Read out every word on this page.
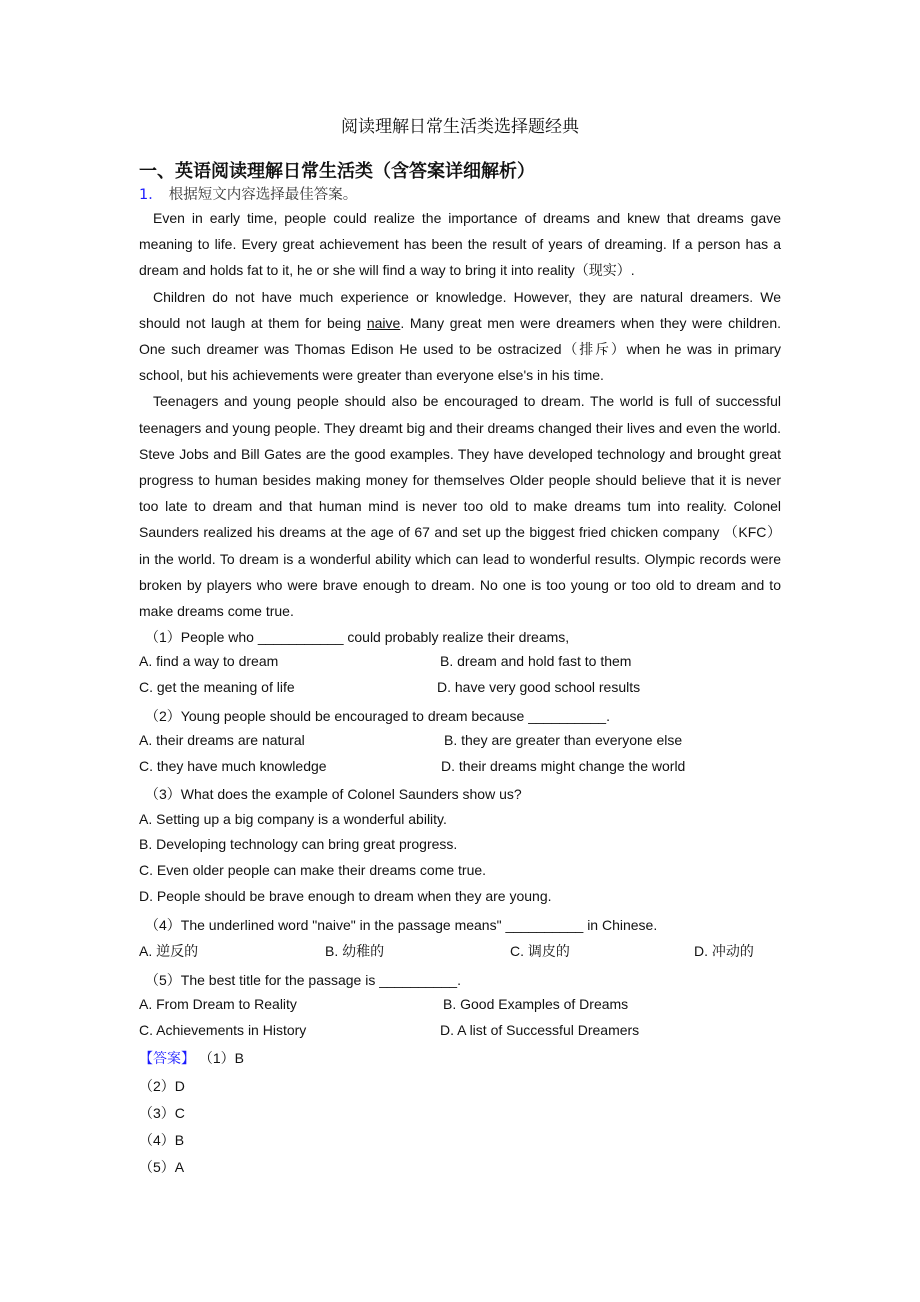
阅读理解日常生活类选择题经典
一、英语阅读理解日常生活类（含答案详细解析）
1． 根据短文内容选择最佳答案。

Even in early time, people could realize the importance of dreams and knew that dreams gave meaning to life. Every great achievement has been the result of years of dreaming. If a person has a dream and holds fat to it, he or she will find a way to bring it into reality（现实）.

Children do not have much experience or knowledge. However, they are natural dreamers. We should not laugh at them for being naive. Many great men were dreamers when they were children. One such dreamer was Thomas Edison He used to be ostracized（排斥）when he was in primary school, but his achievements were greater than everyone else's in his time.

Teenagers and young people should also be encouraged to dream. The world is full of successful teenagers and young people. They dreamt big and their dreams changed their lives and even the world. Steve Jobs and Bill Gates are the good examples. They have developed technology and brought great progress to human besides making money for themselves Older people should believe that it is never too late to dream and that human mind is never too old to make dreams tum into reality. Colonel Saunders realized his dreams at the age of 67 and set up the biggest fried chicken company （KFC） in the world. To dream is a wonderful ability which can lead to wonderful results. Olympic records were broken by players who were brave enough to dream. No one is too young or too old to dream and to make dreams come true.

（1）People who ___________ could probably realize their dreams,
A. find a way to dream	B. dream and hold fast to them
C. get the meaning of life	D. have very good school results
（2）Young people should be encouraged to dream because __________.
A. their dreams are natural	B. they are greater than everyone else
C. they have much knowledge	D. their dreams might change the world
（3）What does the example of Colonel Saunders show us?
A. Setting up a big company is a wonderful ability.
B. Developing technology can bring great progress.
C. Even older people can make their dreams come true.
D. People should be brave enough to dream when they are young.
（4）The underlined word "naive" in the passage means" __________ in Chinese.
A. 逆反的	B. 幼稚的	C. 调皮的	D. 冲动的
（5）The best title for the passage is __________.
A. From Dream to Reality	B. Good Examples of Dreams
C. Achievements in History	D. A list of Successful Dreamers
【答案】 （1）B
（2）D
（3）C
（4）B
（5）A
